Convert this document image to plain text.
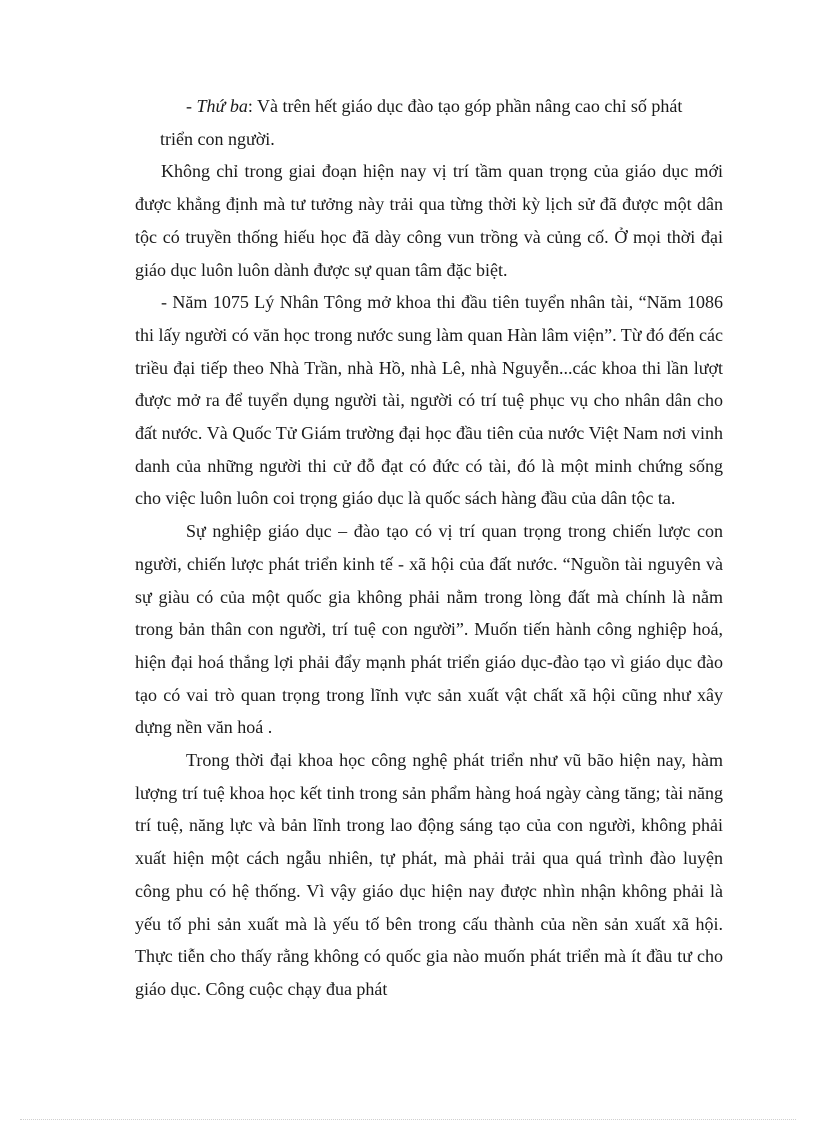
- Thứ ba: Và trên hết giáo dục đào tạo góp phần nâng cao chỉ số phát
triển con người.

Không chỉ trong giai đoạn hiện nay vị trí tầm quan trọng của giáo dục mới được khẳng định mà tư tưởng này trải qua từng thời kỳ lịch sử đã được một dân tộc có truyền thống hiếu học đã dày công vun trồng và củng cố. Ở mọi thời đại giáo dục luôn luôn dành được sự quan tâm đặc biệt.

- Năm 1075 Lý Nhân Tông mở khoa thi đầu tiên tuyển nhân tài, “Năm 1086 thi lấy người có văn học trong nước sung làm quan Hàn lâm viện”. Từ đó đến các triều đại tiếp theo Nhà Trần, nhà Hồ, nhà Lê, nhà Nguyễn...các khoa thi lần lượt được mở ra để tuyển dụng người tài, người có trí tuệ phục vụ cho nhân dân cho đất nước. Và Quốc Tử Giám trường đại học đầu tiên của nước Việt Nam nơi vinh danh của những người thi cử đỗ đạt có đức có tài, đó là một minh chứng sống cho việc luôn luôn coi trọng giáo dục là quốc sách hàng đầu của dân tộc ta.

Sự nghiệp giáo dục – đào tạo có vị trí quan trọng trong chiến lược con người, chiến lược phát triển kinh tế - xã hội của đất nước. “Nguồn tài nguyên và sự giàu có của một quốc gia không phải nằm trong lòng đất mà chính là nằm trong bản thân con người, trí tuệ con người”. Muốn tiến hành công nghiệp hoá, hiện đại hoá thắng lợi phải đẩy mạnh phát triển giáo dục-đào tạo vì giáo dục đào tạo có vai trò quan trọng trong lĩnh vực sản xuất vật chất xã hội cũng như xây dựng nền văn hoá .

Trong thời đại khoa học công nghệ phát triển như vũ bão hiện nay, hàm lượng trí tuệ khoa học kết tinh trong sản phẩm hàng hoá ngày càng tăng; tài năng trí tuệ, năng lực và bản lĩnh trong lao động sáng tạo của con người, không phải xuất hiện một cách ngẫu nhiên, tự phát, mà phải trải qua quá trình đào luyện công phu có hệ thống. Vì vậy giáo dục hiện nay được nhìn nhận không phải là yếu tố phi sản xuất mà là yếu tố bên trong cấu thành của nền sản xuất xã hội. Thực tiễn cho thấy rằng không có quốc gia nào muốn phát triển mà ít đầu tư cho giáo dục. Công cuộc chạy đua phát
